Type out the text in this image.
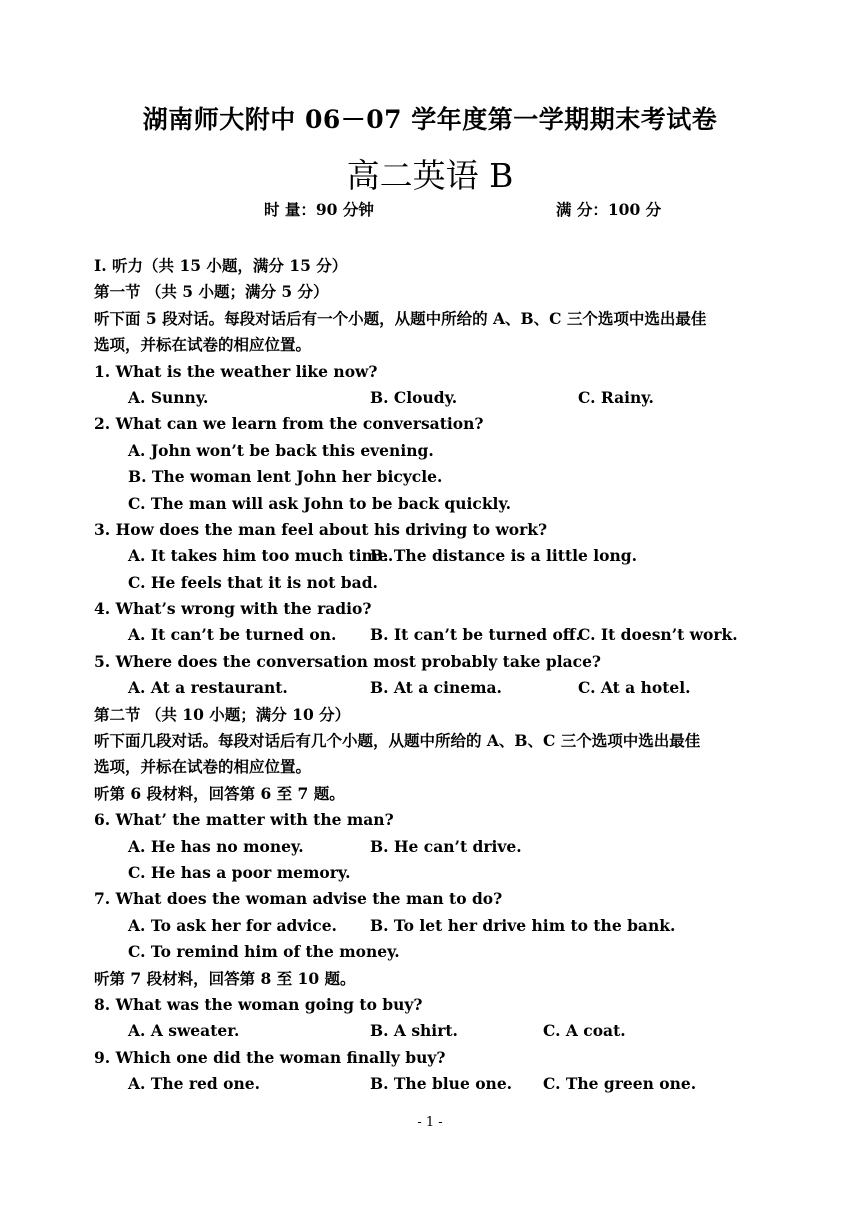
湖南师大附中 06－07 学年度第一学期期末考试卷
高二英语 B
时 量：90 分钟	满 分：100 分
I. 听力（共 15 小题，满分 15 分）
第一节 （共 5 小题；满分 5 分）
听下面 5 段对话。每段对话后有一个小题，从题中所给的 A、B、C 三个选项中选出最佳
选项，并标在试卷的相应位置。
1. What is the weather like now?
A. Sunny.	B. Cloudy.	C. Rainy.
2. What can we learn from the conversation?
A. John won’t be back this evening.
B. The woman lent John her bicycle.
C. The man will ask John to be back quickly.
3. How does the man feel about his driving to work?
A. It takes him too much time.
B. The distance is a little long.
C. He feels that it is not bad.
4. What’s wrong with the radio?
A. It can’t be turned on. B. It can’t be turned off.
C. It doesn’t work.
5. Where does the conversation most probably take place?
A. At a restaurant.	B. At a cinema.	C. At a hotel.
第二节 （共 10 小题；满分 10 分）
听下面几段对话。每段对话后有几个小题，从题中所给的 A、B、C 三个选项中选出最佳
选项，并标在试卷的相应位置。
听第 6 段材料，回答第 6 至 7 题。
6. What’ the matter with the man?
A. He has no money.	B. He can’t drive.
C. He has a poor memory.
7. What does the woman advise the man to do?
A. To ask her for advice. B. To let her drive him to the bank.
C. To remind him of the money.
听第 7 段材料，回答第 8 至 10 题。
8. What was the woman going to buy?
A. A sweater.	B. A shirt.	C. A coat.
9. Which one did the woman finally buy?
A. The red one.	B. The blue one. C. The green one.
- 1 -
